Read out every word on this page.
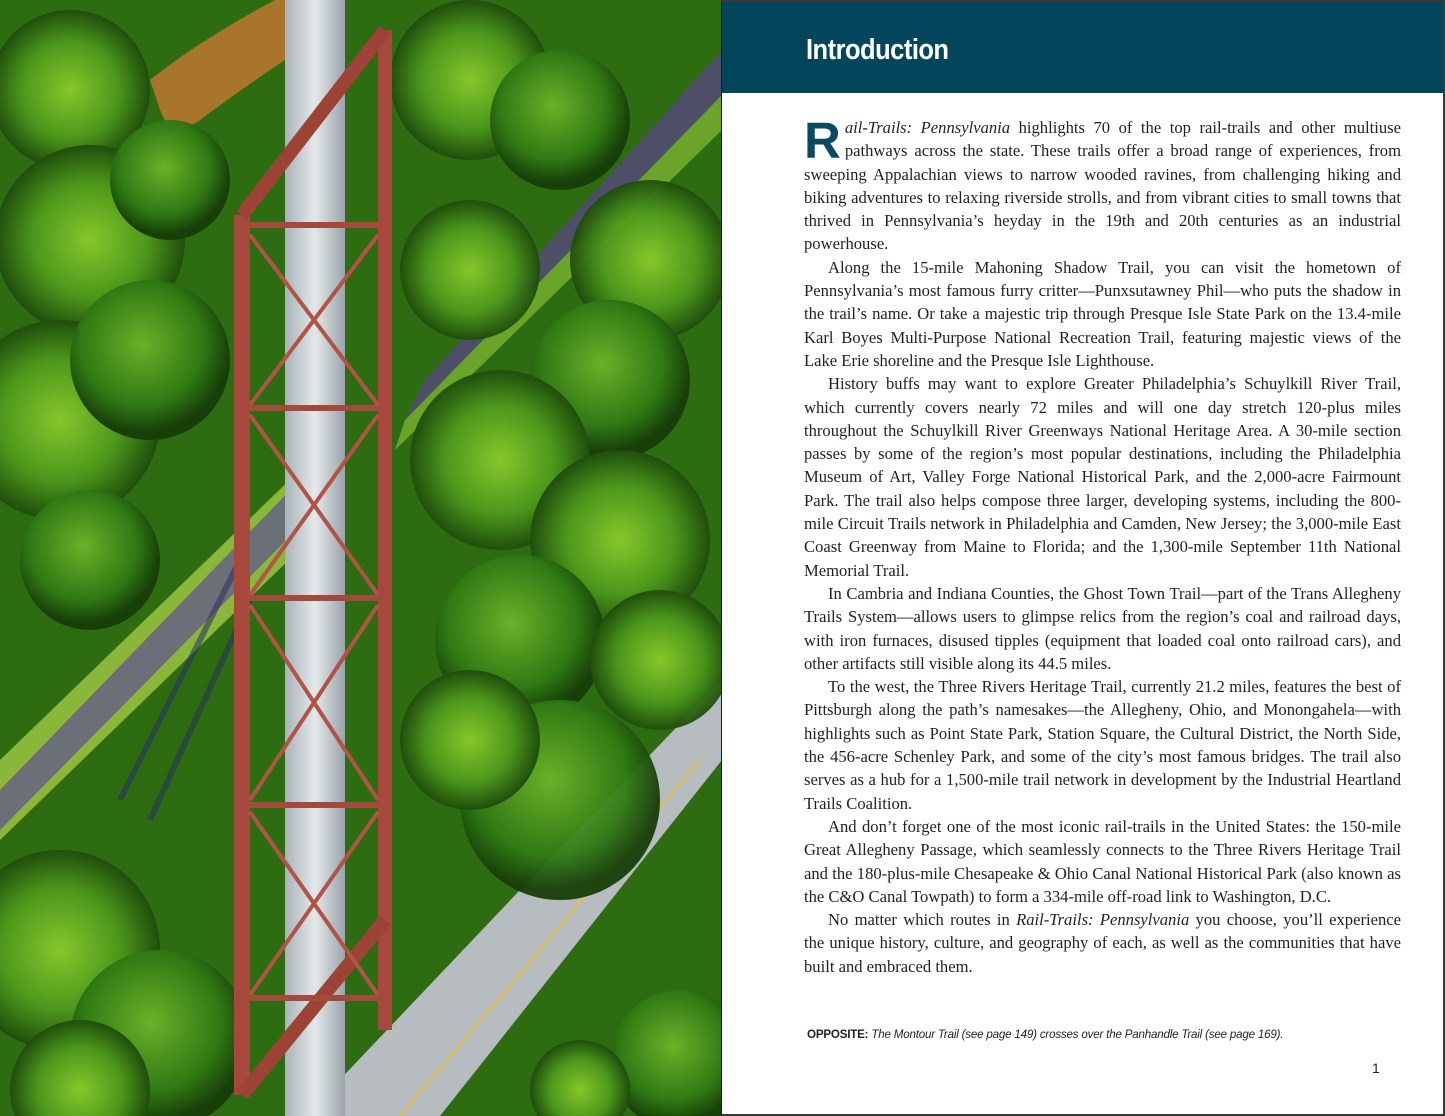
Introduction

Rail-Trails: Pennsylvania highlights 70 of the top rail-trails and other multiuse pathways across the state. These trails offer a broad range of experiences, from sweeping Appalachian views to narrow wooded ravines, from challenging hiking and biking adventures to relaxing riverside strolls, and from vibrant cities to small towns that thrived in Pennsylvania’s heyday in the 19th and 20th centuries as an industrial powerhouse.

Along the 15-mile Mahoning Shadow Trail, you can visit the hometown of Pennsylvania’s most famous furry critter—Punxsutawney Phil—who puts the shadow in the trail’s name. Or take a majestic trip through Presque Isle State Park on the 13.4-mile Karl Boyes Multi-Purpose National Recreation Trail, featuring majestic views of the Lake Erie shoreline and the Presque Isle Lighthouse.

History buffs may want to explore Greater Philadelphia’s Schuylkill River Trail, which currently covers nearly 72 miles and will one day stretch 120-plus miles throughout the Schuylkill River Greenways National Heritage Area. A 30-mile section passes by some of the region’s most popular destinations, including the Philadelphia Museum of Art, Valley Forge National Historical Park, and the 2,000-acre Fairmount Park. The trail also helps compose three larger, developing systems, including the 800-mile Circuit Trails network in Philadelphia and Camden, New Jersey; the 3,000-mile East Coast Greenway from Maine to Florida; and the 1,300-mile September 11th National Memorial Trail.

In Cambria and Indiana Counties, the Ghost Town Trail—part of the Trans Allegheny Trails System—allows users to glimpse relics from the region’s coal and railroad days, with iron furnaces, disused tipples (equipment that loaded coal onto railroad cars), and other artifacts still visible along its 44.5 miles.

To the west, the Three Rivers Heritage Trail, currently 21.2 miles, features the best of Pittsburgh along the path’s namesakes—the Allegheny, Ohio, and Monongahela—with highlights such as Point State Park, Station Square, the Cultural District, the North Side, the 456-acre Schenley Park, and some of the city’s most famous bridges. The trail also serves as a hub for a 1,500-mile trail network in development by the Industrial Heartland Trails Coalition.

And don’t forget one of the most iconic rail-trails in the United States: the 150-mile Great Allegheny Passage, which seamlessly connects to the Three Rivers Heritage Trail and the 180-plus-mile Chesapeake & Ohio Canal National Historical Park (also known as the C&O Canal Towpath) to form a 334-mile off-road link to Washington, D.C.

No matter which routes in Rail-Trails: Pennsylvania you choose, you’ll experience the unique history, culture, and geography of each, as well as the communities that have built and embraced them.

OPPOSITE: The Montour Trail (see page 149) crosses over the Panhandle Trail (see page 169).
1
